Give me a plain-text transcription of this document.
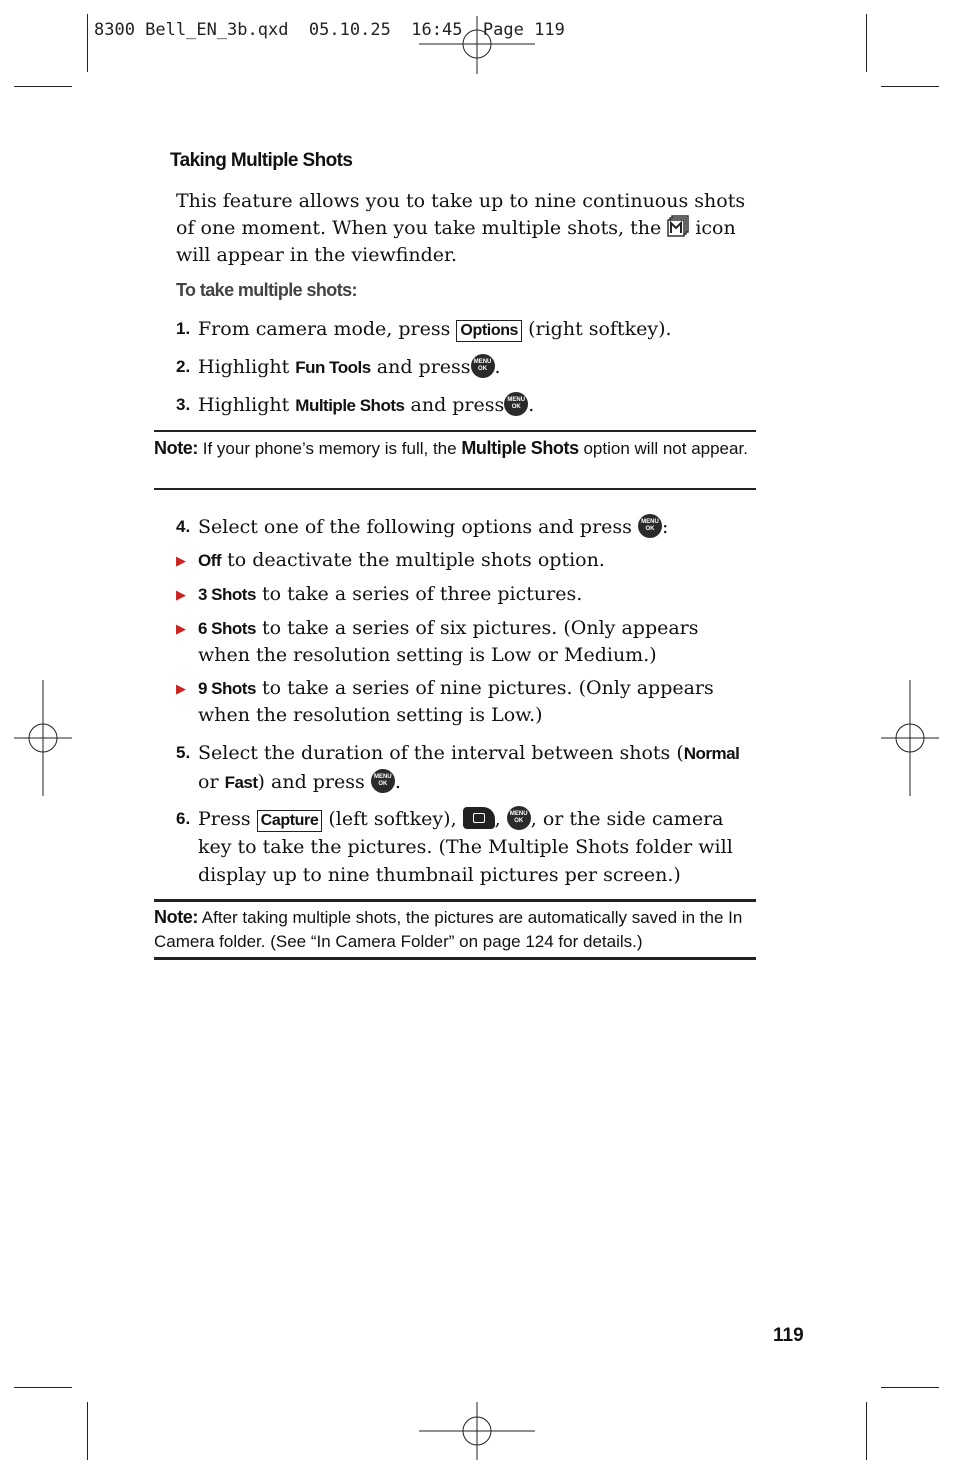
8300 Bell_EN_3b.qxd  05.10.25  16:45  Page 119
Taking Multiple Shots
This feature allows you to take up to nine continuous shots of one moment. When you take multiple shots, the icon will appear in the viewfinder.
To take multiple shots:
1. From camera mode, press Options (right softkey).
2. Highlight Fun Tools and press MENU
OK .
3. Highlight Multiple Shots and press MENU
OK .
Note: If your phone’s memory is full, the Multiple Shots option will not appear.
4. Select one of the following options and press	MENU
OK :
▶ Off to deactivate the multiple shots option.
▶ 3 Shots to take a series of three pictures.
▶ 6 Shots to take a series of six pictures. (Only appears when the resolution setting is Low or Medium.)
▶ 9 Shots to take a series of nine pictures. (Only appears when the resolution setting is Low.)
5. Select the duration of the interval between shots (Normal or Fast) and press	MENU
OK .
6. Press Capture (left softkey), ,	MENU
OK , or the side camera key to take the pictures. (The Multiple Shots folder will display up to nine thumbnail pictures per screen.)
Note: After taking multiple shots, the pictures are automatically saved in the In Camera folder. (See “In Camera Folder” on page 124 for details.)
119
